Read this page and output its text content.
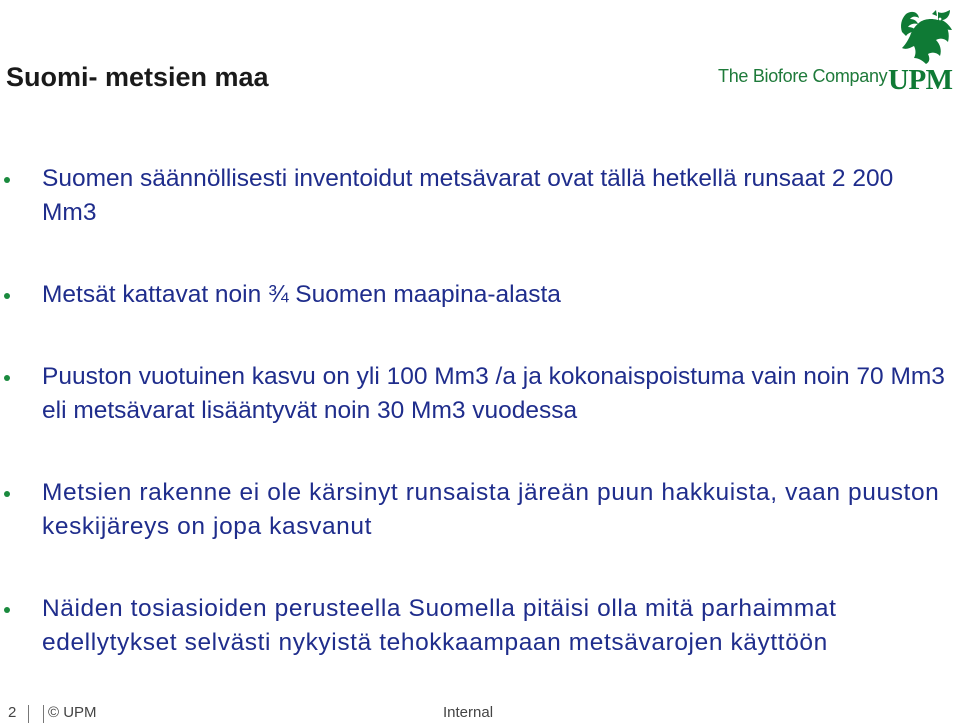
Suomi- metsien maa	The Biofore Company UPM
Suomen säännöllisesti inventoidut metsävarat ovat tällä hetkellä runsaat 2 200 Mm3
Metsät kattavat noin ¾ Suomen maapina-alasta
Puuston vuotuinen kasvu on yli 100 Mm3 /a ja kokonaispoistuma vain noin 70 Mm3 eli metsävarat lisääntyvät noin 30 Mm3 vuodessa
Metsien rakenne ei ole kärsinyt runsaista järeän puun hakkuista, vaan puuston keskijäreys on jopa kasvanut
Näiden tosiasioiden perusteella Suomella pitäisi olla mitä parhaimmat edellytykset selvästi nykyistä tehokkaampaan metsävarojen käyttöön
2 © UPM	Internal
